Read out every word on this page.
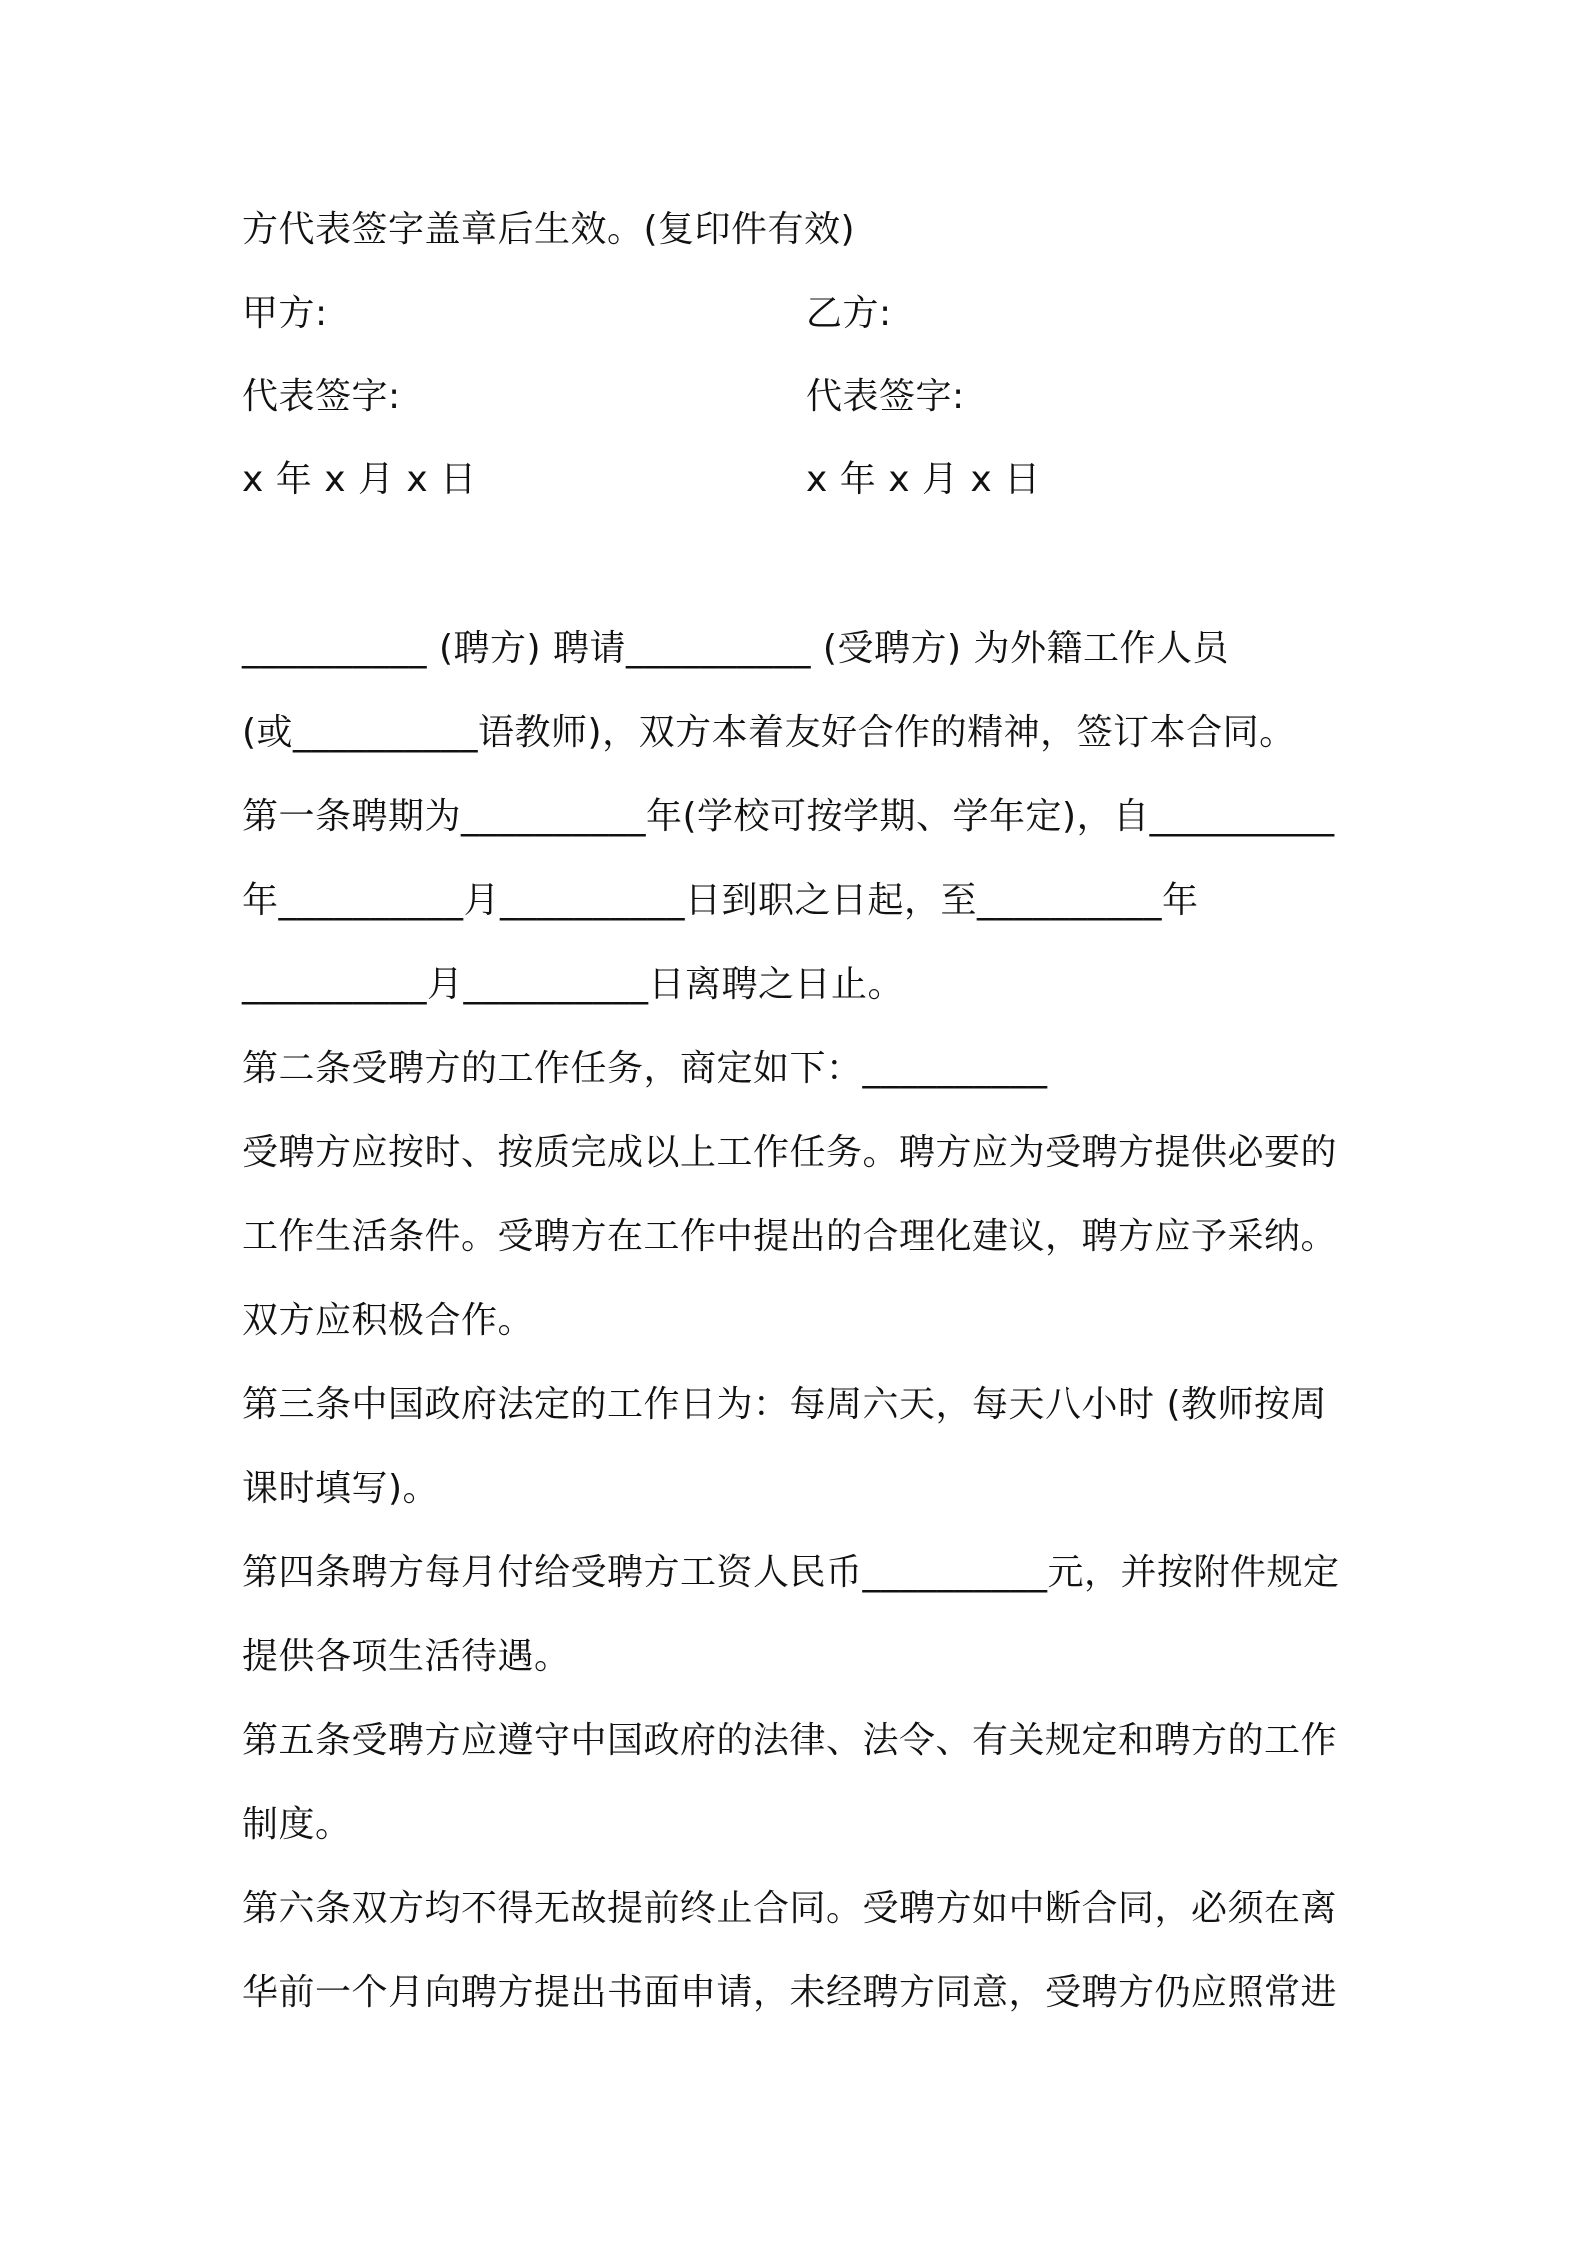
方代表签字盖章后生效。(复印件有效)
甲方:	乙方:
代表签字:	代表签字:
x 年 x 月 x 日	x 年 x 月 x 日
__________ (聘方) 聘请__________ (受聘方) 为外籍工作人员
(或__________语教师)，双方本着友好合作的精神，签订本合同。
第一条聘期为__________年(学校可按学期、学年定)，自__________
年__________月__________日到职之日起，至__________年
__________月__________日离聘之日止。
第二条受聘方的工作任务，商定如下：__________
受聘方应按时、按质完成以上工作任务。聘方应为受聘方提供必要的
工作生活条件。受聘方在工作中提出的合理化建议，聘方应予采纳。
双方应积极合作。
第三条中国政府法定的工作日为：每周六天，每天八小时 (教师按周
课时填写)。
第四条聘方每月付给受聘方工资人民币__________元，并按附件规定
提供各项生活待遇。
第五条受聘方应遵守中国政府的法律、法令、有关规定和聘方的工作
制度。
第六条双方均不得无故提前终止合同。受聘方如中断合同，必须在离
华前一个月向聘方提出书面申请，未经聘方同意，受聘方仍应照常进
